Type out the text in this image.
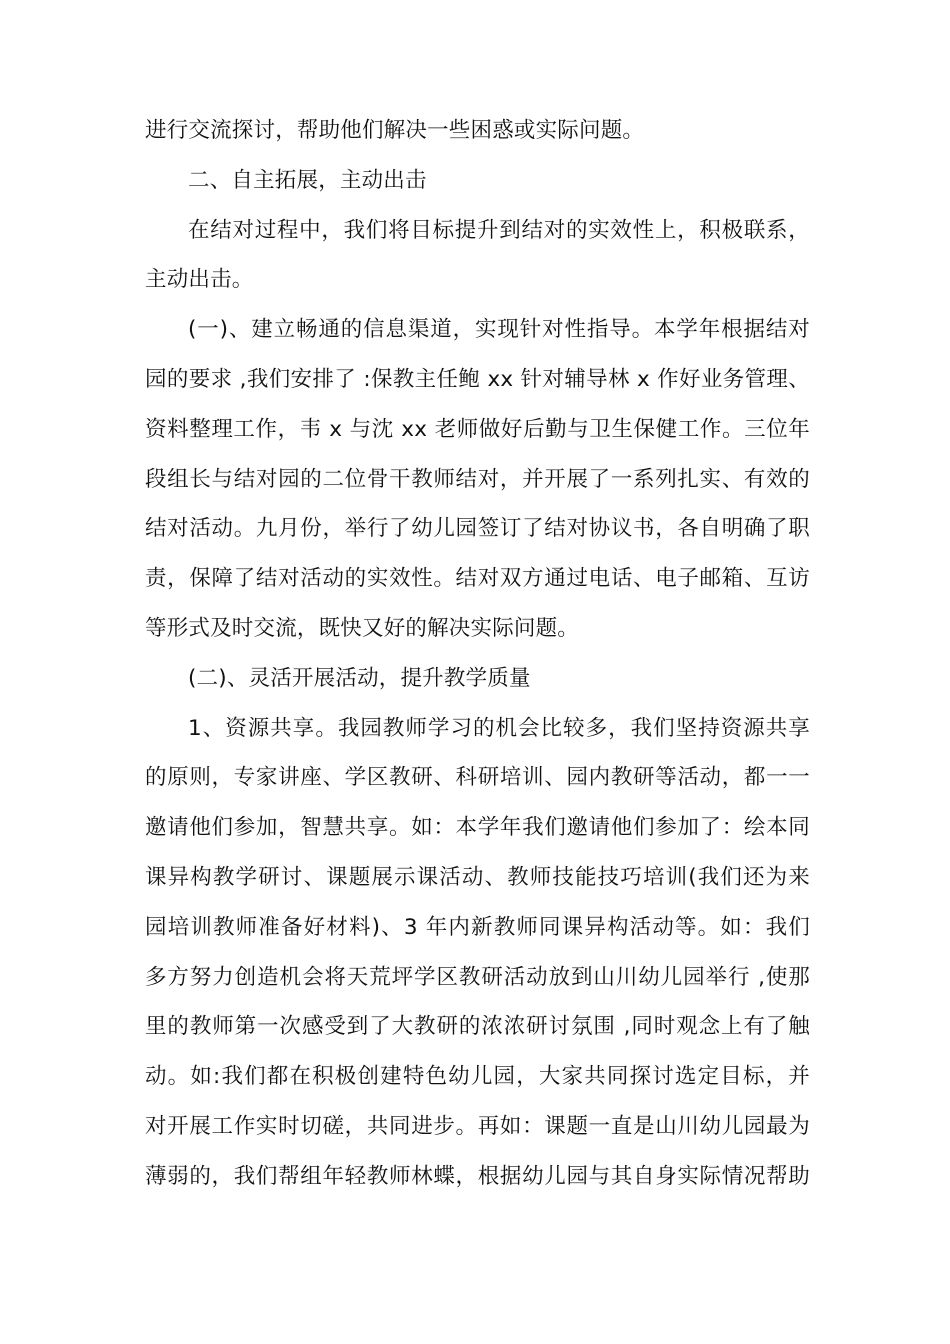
进行交流探讨，帮助他们解决一些困惑或实际问题。
二、自主拓展，主动出击
在结对过程中，我们将目标提升到结对的实效性上，积极联系，
主动出击。
(一)、建立畅通的信息渠道，实现针对性指导。本学年根据结对
园的要求 ,我们安排了 :保教主任鲍 xx 针对辅导林 x 作好业务管理、
资料整理工作，韦 x 与沈 xx 老师做好后勤与卫生保健工作。三位年
段组长与结对园的二位骨干教师结对，并开展了一系列扎实、有效的
结对活动。九月份，举行了幼儿园签订了结对协议书，各自明确了职
责，保障了结对活动的实效性。结对双方通过电话、电子邮箱、互访
等形式及时交流，既快又好的解决实际问题。
(二)、灵活开展活动，提升教学质量
1、资源共享。我园教师学习的机会比较多，我们坚持资源共享
的原则，专家讲座、学区教研、科研培训、园内教研等活动，都一一
邀请他们参加，智慧共享。如：本学年我们邀请他们参加了：绘本同
课异构教学研讨、课题展示课活动、教师技能技巧培训(我们还为来
园培训教师准备好材料)、3 年内新教师同课异构活动等。如：我们
多方努力创造机会将天荒坪学区教研活动放到山川幼儿园举行 ,使那
里的教师第一次感受到了大教研的浓浓研讨氛围 ,同时观念上有了触
动。如:我们都在积极创建特色幼儿园，大家共同探讨选定目标，并
对开展工作实时切磋，共同进步。再如：课题一直是山川幼儿园最为
薄弱的，我们帮组年轻教师林蝶，根据幼儿园与其自身实际情况帮助
